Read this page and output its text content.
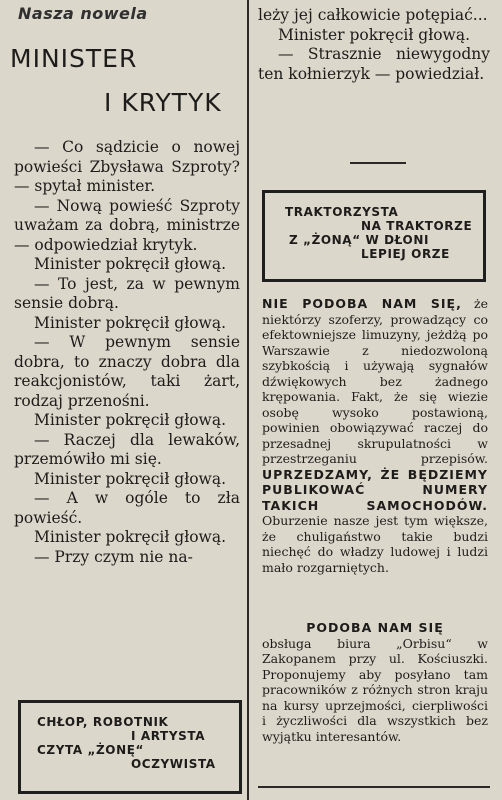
Nasza nowela
MINISTER
I KRYTYK

— Co sądzicie o nowej powieści Zbysława Szproty? — spytał minister.

— Nową powieść Szproty uważam za dobrą, ministrze — odpowiedział krytyk.

Minister pokręcił głową.

— To jest, za w pewnym sensie dobrą.

Minister pokręcił głową.

— W pewnym sensie dobra, to znaczy dobra dla reakcjonistów, taki żart, rodzaj przenośni.

Minister pokręcił głową.

— Raczej dla lewaków, przemówiło mi się.

Minister pokręcił głową.

— A w ogóle to zła powieść.

Minister pokręcił głową.

— Przy czym nie na-

CHŁOP, ROBOTNIK
I ARTYSTA
CZYTA „ŻONĘ“
OCZYWISTA

leży jej całkowicie potępiać...

Minister pokręcił głową.

— Strasznie niewygodny ten kołnierzyk — powiedział.

TRAKTORZYSTA
NA TRAKTORZE
Z „ŻONĄ“ W DŁONI
LEPIEJ ORZE

NIE PODOBA NAM SIĘ, że niektórzy szoferzy, prowadzący co efektowniejsze limuzyny, jeżdżą po Warszawie z niedozwoloną szybkością i używają sygnałów dźwiękowych bez żadnego krępowania. Fakt, że się wiezie osobę wysoko postawioną, powinien obowiązywać raczej do przesadnej skrupulatności w przestrzeganiu przepisów. UPRZEDZAMY, ŻE BĘDZIEMY PUBLIKOWAĆ NUMERY TAKICH SAMOCHODÓW. Oburzenie nasze jest tym większe, że chuligaństwo takie budzi niechęć do władzy ludowej i ludzi mało rozgarniętych.

PODOBA NAM SIĘ
obsługa biura „Orbisu“ w Zakopanem przy ul. Kościuszki. Proponujemy aby posyłano tam pracowników z różnych stron kraju na kursy uprzejmości, cierpliwości i życzliwości dla wszystkich bez wyjątku interesantów.
